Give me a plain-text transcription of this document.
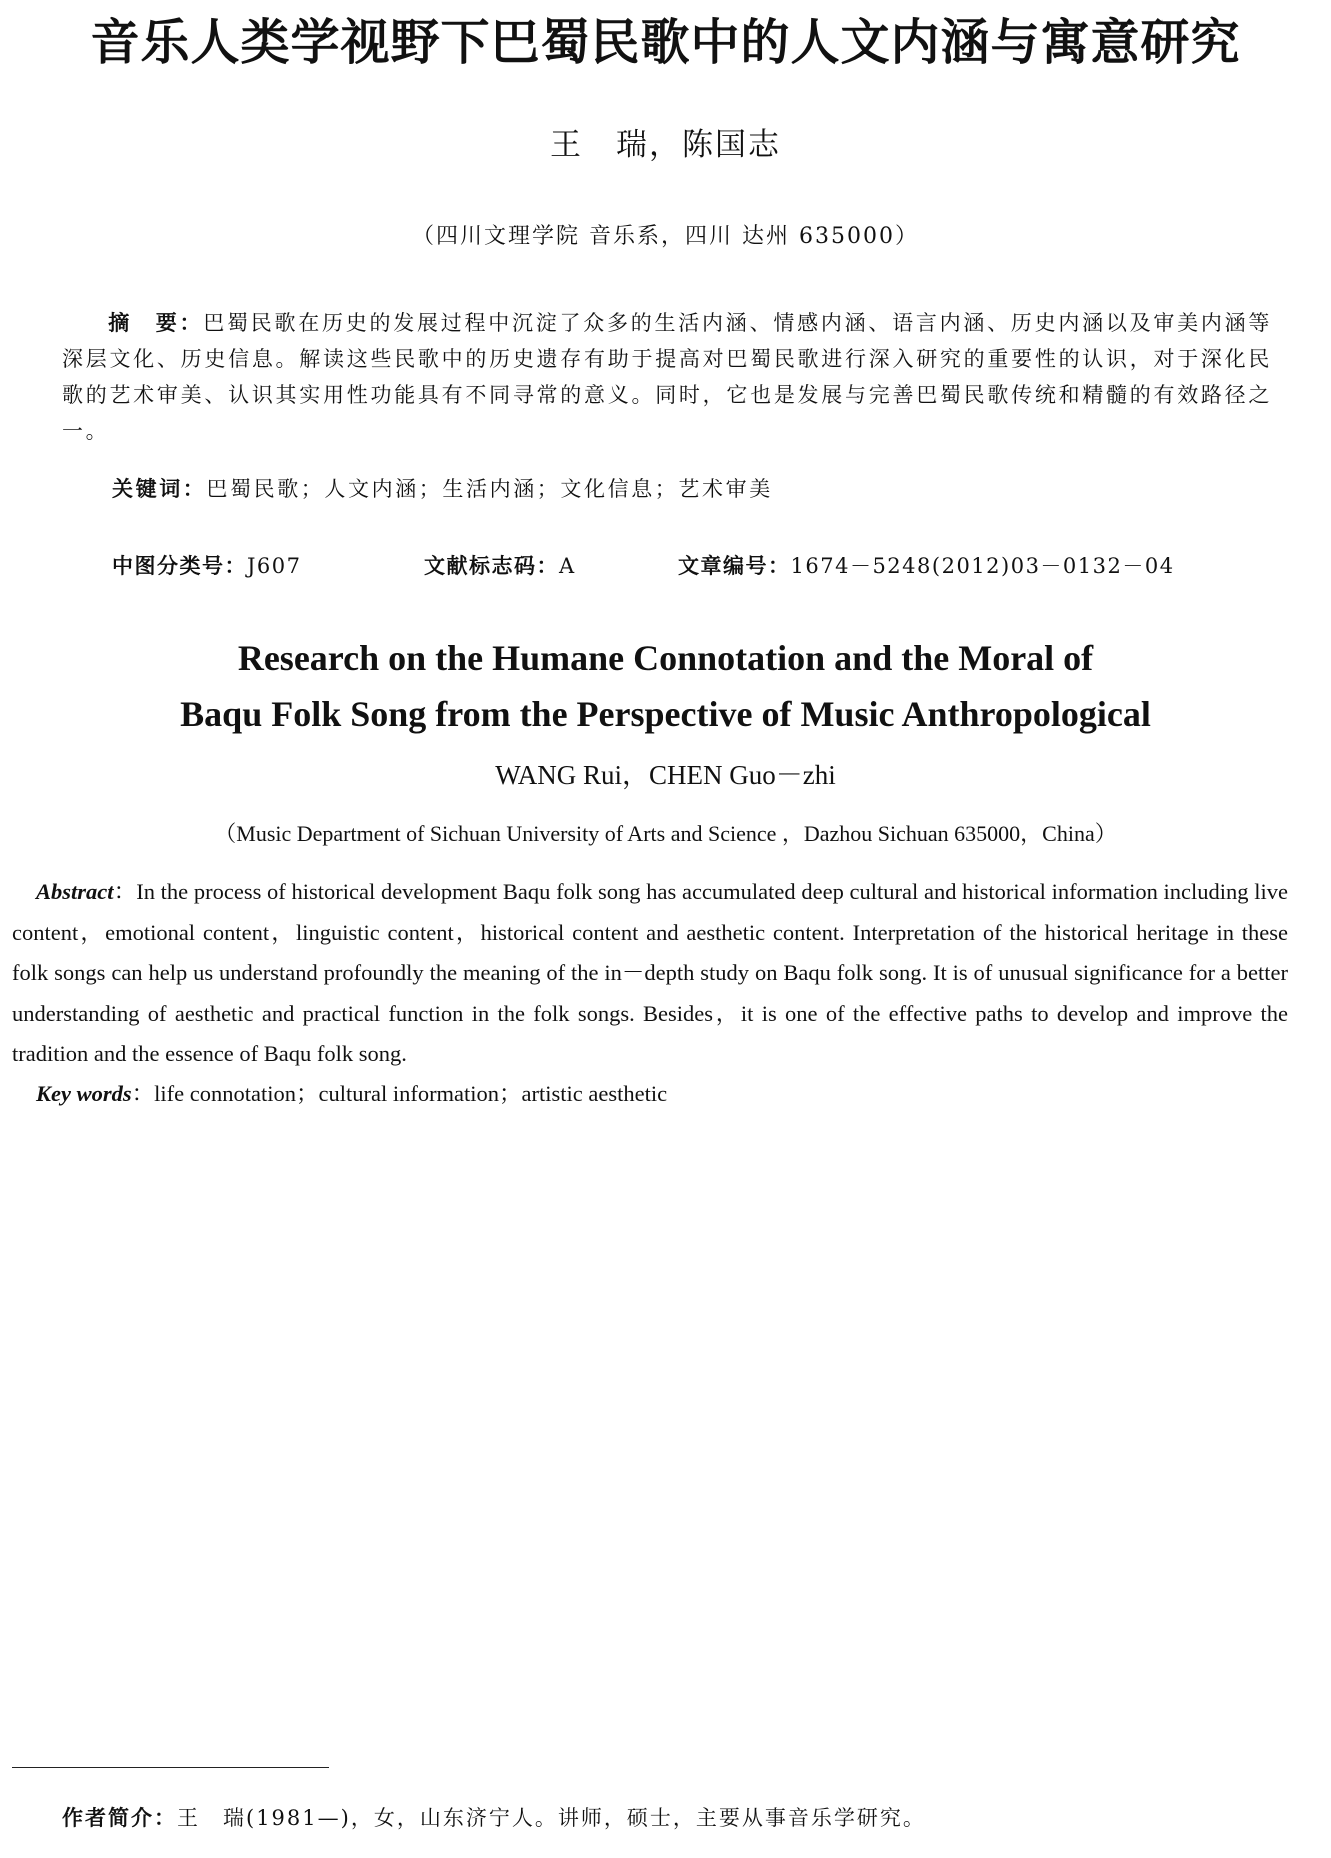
音乐人类学视野下巴蜀民歌中的人文内涵与寓意研究
王　瑞，陈国志
（四川文理学院 音乐系，四川 达州 635000）

摘　要：巴蜀民歌在历史的发展过程中沉淀了众多的生活内涵、情感内涵、语言内涵、历史内涵以及审美内涵等深层文化、历史信息。解读这些民歌中的历史遗存有助于提高对巴蜀民歌进行深入研究的重要性的认识，对于深化民歌的艺术审美、认识其实用性功能具有不同寻常的意义。同时，它也是发展与完善巴蜀民歌传统和精髓的有效路径之一。

关键词：巴蜀民歌；人文内涵；生活内涵；文化信息；艺术审美
中图分类号：J607	文献标志码：A	文章编号：1674－5248(2012)03－0132－04
Research on the Humane Connotation and the Moral of
Baqu Folk Song from the Perspective of Music Anthropological
WANG Rui，CHEN Guo－zhi
（Music Department of Sichuan University of Arts and Science ，Dazhou Sichuan 635000，China）

Abstract：In the process of historical development Baqu folk song has accumulated deep cultural and historical information including live content，emotional content，linguistic content，historical content and aesthetic content. Interpretation of the historical heritage in these folk songs can help us understand profoundly the meaning of the in－depth study on Baqu folk song. It is of unusual significance for a better understanding of aesthetic and practical function in the folk songs. Besides，it is one of the effective paths to develop and improve the tradition and the essence of Baqu folk song.

Key words：life connotation；cultural information；artistic aesthetic
作者简介：王　瑞(1981—)，女，山东济宁人。讲师，硕士，主要从事音乐学研究。
